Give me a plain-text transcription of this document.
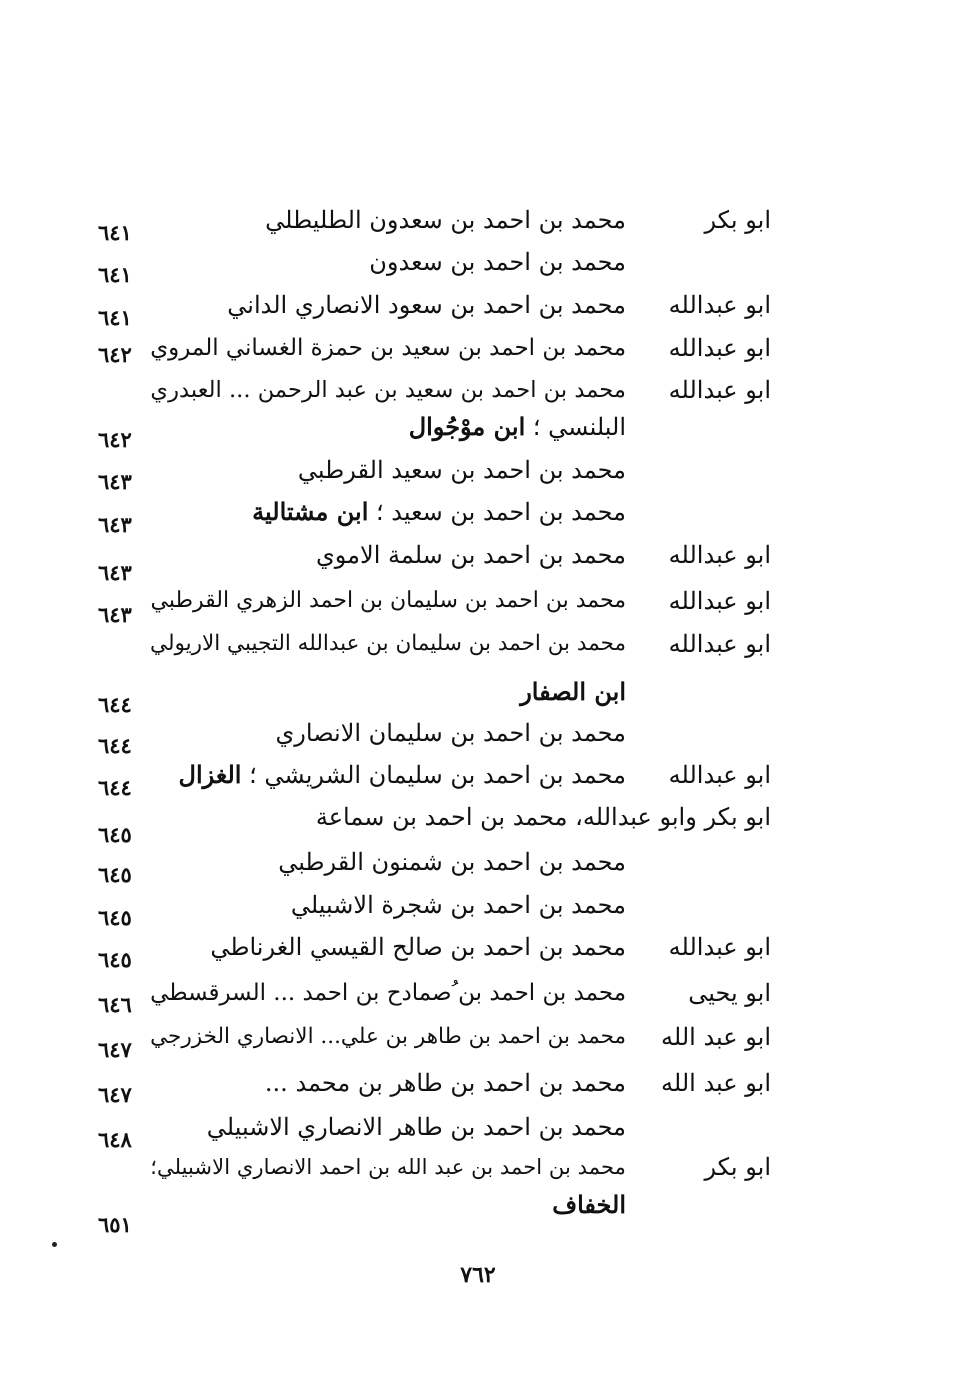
ابو بكر
محمد بن احمد بن سعدون الطليطلي
٦٤١
محمد بن احمد بن سعدون
٦٤١
ابو عبدالله
محمد بن احمد بن سعود الانصاري الداني
٦٤١
ابو عبدالله
محمد بن احمد بن سعيد بن حمزة الغساني المروي
٦٤٢
ابو عبدالله
محمد بن احمد بن سعيد بن عبد الرحمن ... العبدري
البلنسي ؛ ابن موْجُوال
٦٤٢
محمد بن احمد بن سعيد القرطبي
٦٤٣
محمد بن احمد بن سعيد ؛ ابن مشتالية
٦٤٣
ابو عبدالله
محمد بن احمد بن سلمة الاموي
٦٤٣
ابو عبدالله
محمد بن احمد بن سليمان بن احمد الزهري القرطبي
٦٤٣
ابو عبدالله
محمد بن احمد بن سليمان بن عبدالله التجيبي الاريولي
ابن الصفار
٦٤٤
محمد بن احمد بن سليمان الانصاري
٦٤٤
ابو عبدالله
محمد بن احمد بن سليمان الشريشي ؛ الغزال
٦٤٤
ابو بكر وابو عبدالله، محمد بن احمد بن سماعة
٦٤٥
محمد بن احمد بن شمنون القرطبي
٦٤٥
محمد بن احمد بن شجرة الاشبيلي
٦٤٥
ابو عبدالله
محمد بن احمد بن صالح القيسي الغرناطي
٦٤٥
ابو يحيى
محمد بن احمد بن ُصمادح بن احمد ... السرقسطي
٦٤٦
ابو عبد الله
محمد بن احمد بن طاهر بن علي... الانصاري الخزرجي
٦٤٧
ابو عبد الله
محمد بن احمد بن طاهر بن محمد ...
٦٤٧
محمد بن احمد بن طاهر الانصاري الاشبيلي
٦٤٨
ابو بكر
محمد بن احمد بن عبد الله بن احمد الانصاري الاشبيلي؛
الخفاف
٦٥١
٧٦٢
